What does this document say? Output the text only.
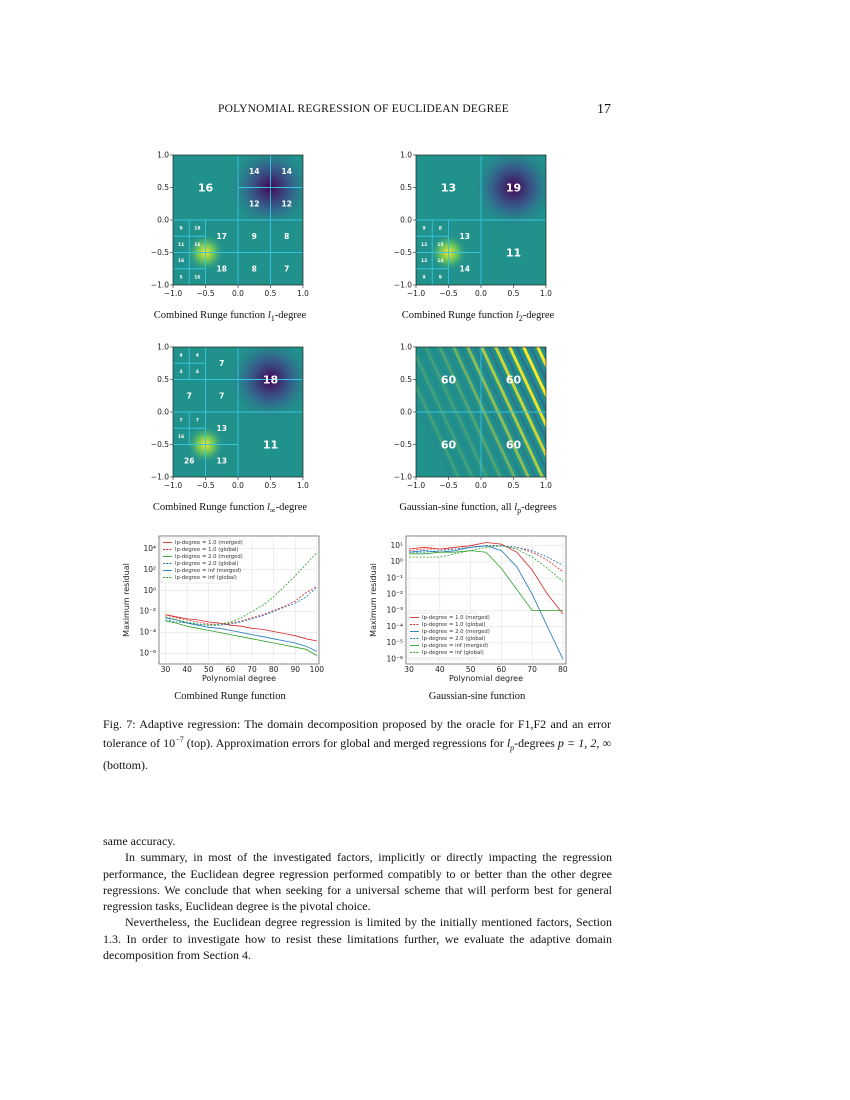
POLYNOMIAL REGRESSION OF EUCLIDEAN DEGREE	17
16
14	14
12	12
17	9	8
18	8	7
9	18
11 16
16
5	16
−1.0 −0.5 0.0	0.5	1.0
1.0
0.5
0.0
−0.5
−1.0
13	19
11
13
14
9	8
12 15
12 14
9	9
−1.0 −0.5 0.0	0.5	1.0
1.0
0.5
0.0
−0.5
−1.0
18
11
7
7	7
13
13
26
4	4
4	4
7	7
16
−1.0 −0.5 0.0	0.5	1.0
1.0
0.5
0.0
−0.5
−1.0
60	60
60	60
−1.0 −0.5 0.0	0.5	1.0
1.0
0.5
0.0
−0.5
−1.0
Combined Runge function $l_1$-degree	Combined Runge function $l_2$-degree
Combined Runge function $l_\infty$-degree	Gaussian-sine function, all $l_p$-degrees
30 40 50 60 70 80 90 100
10⁴
10²
10⁰
10⁻²
10⁻⁴
10⁻⁶
lp-degree = 1.0 (merged)
lp-degree = 1.0 (global)
lp-degree = 2.0 (merged)
lp-degree = 2.0 (global)
lp-degree = inf (merged)
lp-degree = inf (global)
Polynomial degree
Maximum residual
30	40	50	60	70	80
10¹
10⁰
10⁻¹
10⁻²
10⁻³
10⁻⁴
10⁻⁵
10⁻⁶
lp-degree = 1.0 (merged)
lp-degree = 1.0 (global)
lp-degree = 2.0 (merged)
lp-degree = 2.0 (global)
lp-degree = inf (merged)
lp-degree = inf (global)
Polynomial degree
Maximum residual
Combined Runge function	Gaussian-sine function
Fig. 7: Adaptive regression: The domain decomposition proposed by the oracle for F1,F2 and an error tolerance of $10^{-7}$ (top). Approximation errors for global and merged regressions for $l_p$-degrees p = 1, 2, ∞ (bottom).

same accuracy.

In summary, in most of the investigated factors, implicitly or directly impacting the regression performance, the Euclidean degree regression performed compatibly to or better than the other degree regressions. We conclude that when seeking for a universal scheme that will perform best for general regression tasks, Euclidean degree is the pivotal choice.

Nevertheless, the Euclidean degree regression is limited by the initially mentioned factors, Section 1.3. In order to investigate how to resist these limitations further, we evaluate the adaptive domain decomposition from Section 4.
